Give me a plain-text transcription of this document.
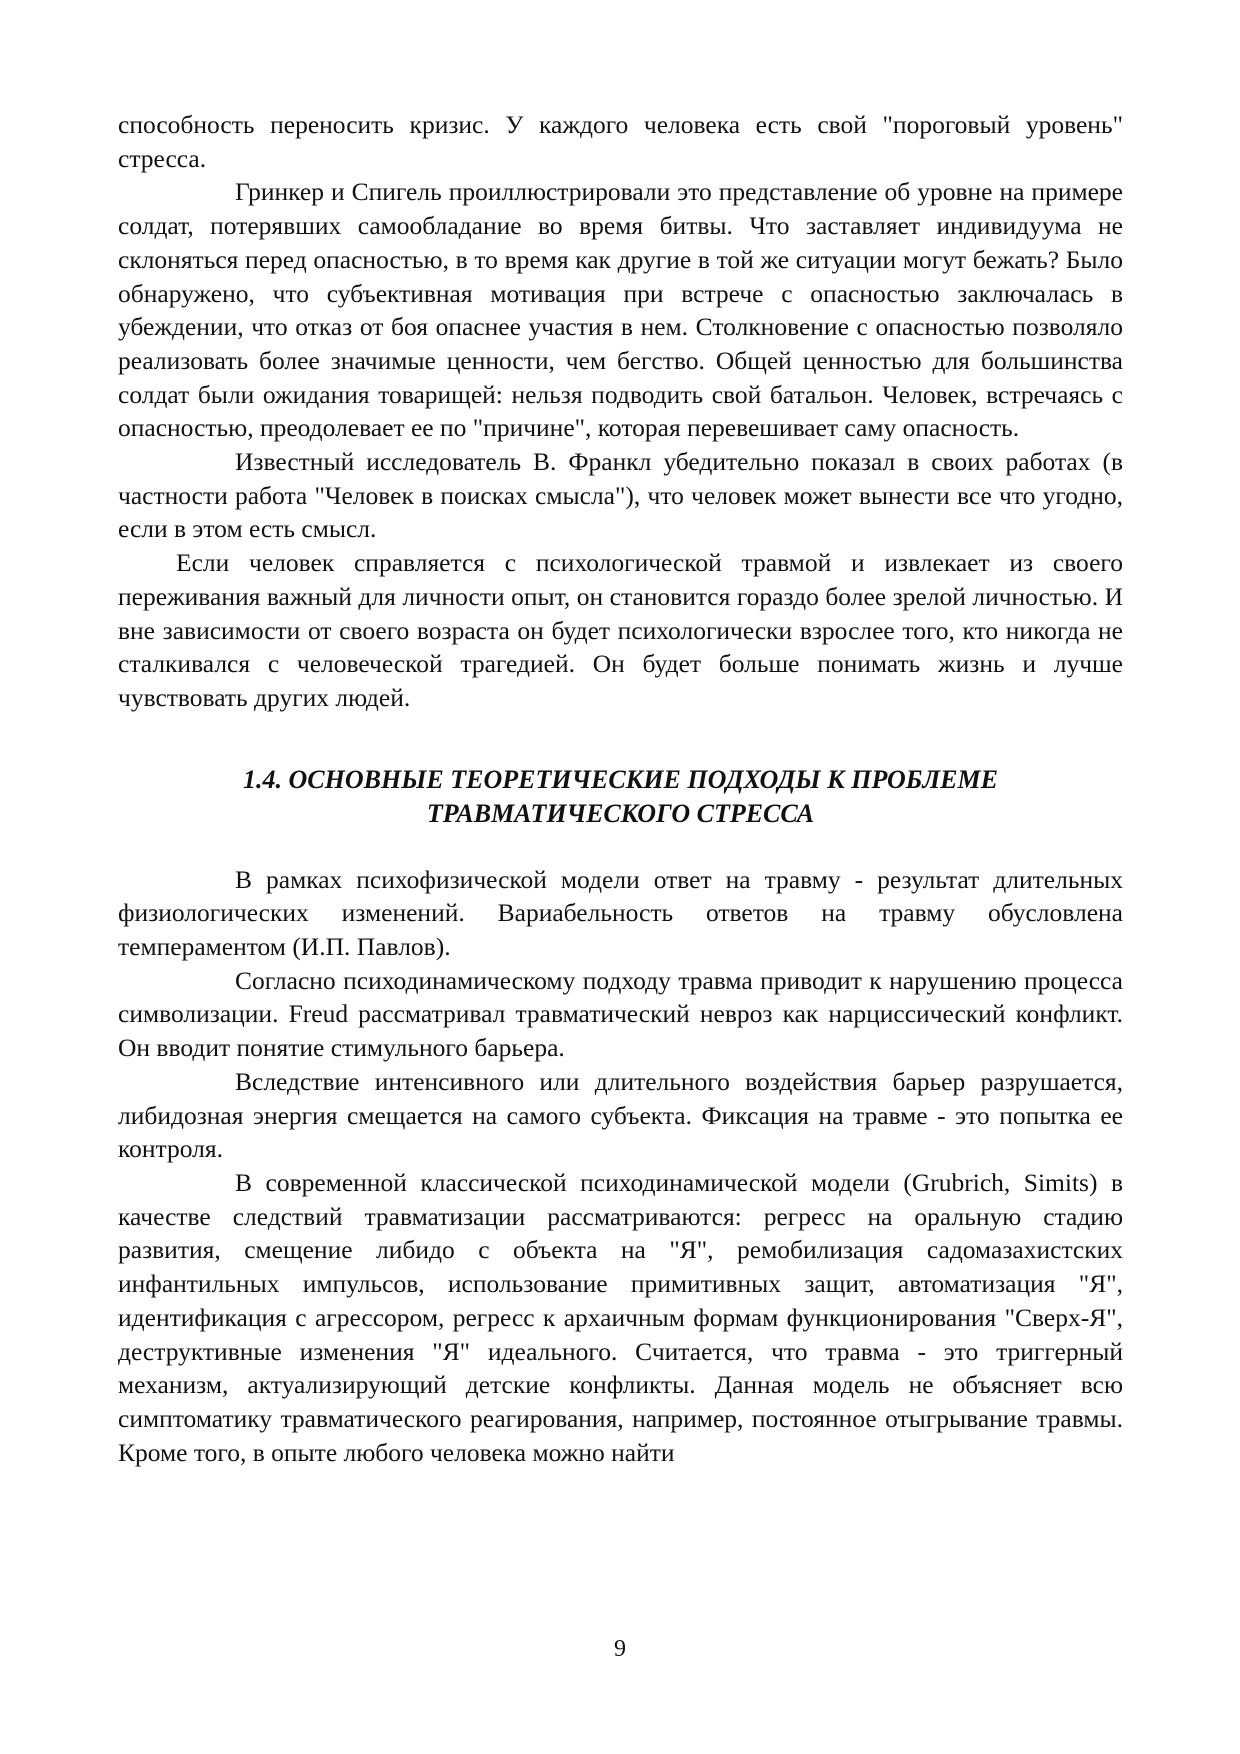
способность переносить кризис. У каждого человека есть свой "пороговый уровень" стресса.

Гринкер и Спигель проиллюстрировали это представление об уровне на примере солдат, потерявших самообладание во время битвы. Что заставляет индивидуума не склоняться перед опасностью, в то время как другие в той же ситуации могут бежать? Было обнаружено, что субъективная мотивация при встрече с опасностью заключалась в убеждении, что отказ от боя опаснее участия в нем. Столкновение с опасностью позволяло реализовать более значимые ценности, чем бегство. Общей ценностью для большинства солдат были ожидания товарищей: нельзя подводить свой батальон. Человек, встречаясь с опасностью, преодолевает ее по "причине", которая перевешивает саму опасность.

Известный исследователь В. Франкл убедительно показал в своих работах (в частности работа "Человек в поисках смысла"), что человек может вынести все что угодно, если в этом есть смысл.

Если человек справляется с психологической травмой и извлекает из своего переживания важный для личности опыт, он становится гораздо более зрелой личностью. И вне зависимости от своего возраста он будет психологически взрослее того, кто никогда не сталкивался с человеческой трагедией. Он будет больше понимать жизнь и лучше чувствовать других людей.

1.4. ОСНОВНЫЕ ТЕОРЕТИЧЕСКИЕ ПОДХОДЫ К ПРОБЛЕМЕ
ТРАВМАТИЧЕСКОГО СТРЕССА

В рамках психофизической модели ответ на травму - результат длительных физиологических изменений. Вариабельность ответов на травму обусловлена темпераментом (И.П. Павлов).

Согласно психодинамическому подходу травма приводит к нарушению процесса символизации. Freud рассматривал травматический невроз как нарциссический конфликт. Он вводит понятие стимульного барьера.

Вследствие интенсивного или длительного воздействия барьер разрушается, либидозная энергия смещается на самого субъекта. Фиксация на травме - это попытка ее контроля.

В современной классической психодинамической модели (Grubrich, Simits) в качестве следствий травматизации рассматриваются: регресс на оральную стадию развития, смещение либидо с объекта на "Я", ремобилизация садомазахистских инфантильных импульсов, использование примитивных защит, автоматизация "Я", идентификация с агрессором, регресс к архаичным формам функционирования "Сверх-Я", деструктивные изменения "Я" идеального. Считается, что травма - это триггерный механизм, актуализирующий детские конфликты. Данная модель не объясняет всю симптоматику травматического реагирования, например, постоянное отыгрывание травмы. Кроме того, в опыте любого человека можно найти

9
